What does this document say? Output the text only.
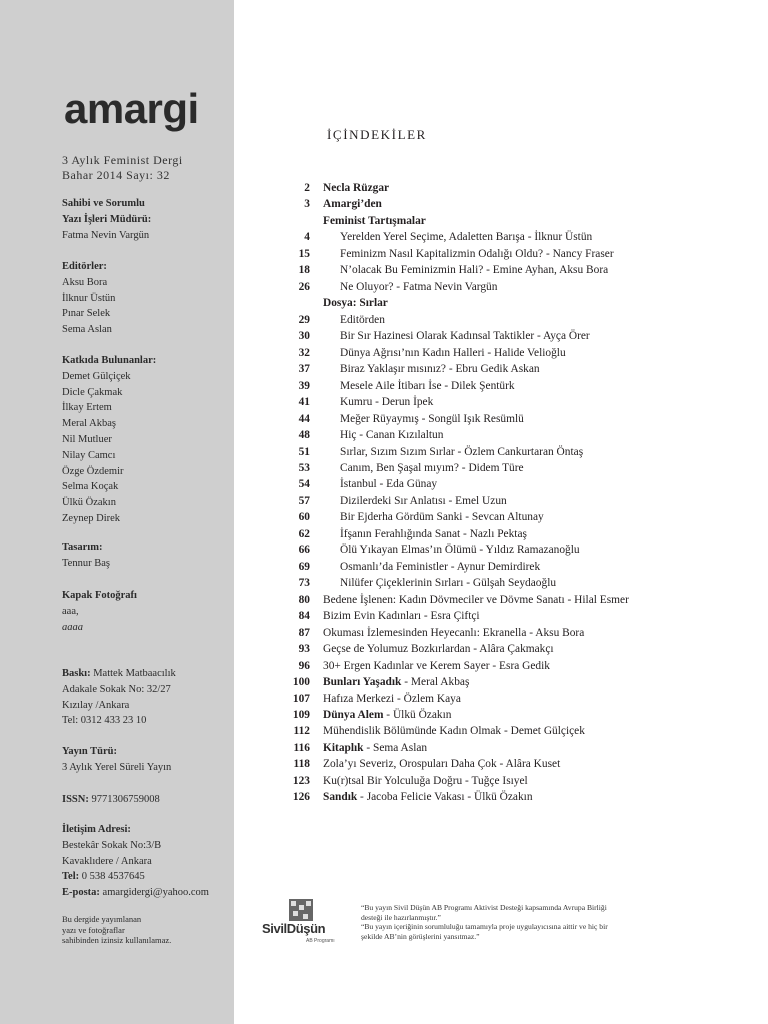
amargi
3 Aylık Feminist Dergi
Bahar 2014 Sayı: 32
Sahibi ve Sorumlu
Yazı İşleri Müdürü:
Fatma Nevin Vargün
Editörler:
Aksu Bora
İlknur Üstün
Pınar Selek
Sema Aslan
Katkıda Bulunanlar:
Demet Gülçiçek
Dicle Çakmak
İlkay Ertem
Meral Akbaş
Nil Mutluer
Nilay Camcı
Özge Özdemir
Selma Koçak
Ülkü Özakın
Zeynep Direk
Tasarım:
Tennur Baş
Kapak Fotoğrafı
aaa,
aaaa
Baskı: Mattek Matbaacılık
Adakale Sokak No: 32/27
Kızılay /Ankara
Tel: 0312 433 23 10
Yayın Türü:
3 Aylık Yerel Süreli Yayın
ISSN: 9771306759008
İletişim Adresi:
Bestekâr Sokak No:3/B
Kavaklıdere / Ankara
Tel: 0 538 4537645
E-posta: amargidergi@yahoo.com
Bu dergide yayımlanan
yazı ve fotoğraflar
sahibinden izinsiz kullanılamaz.
İÇİNDEKİLER
2 Necla Rüzgar
3 Amargi’den
Feminist Tartışmalar
4	Yerelden Yerel Seçime, Adaletten Barışa - İlknur Üstün
15	Feminizm Nasıl Kapitalizmin Odalığı Oldu? - Nancy Fraser
18	N’olacak Bu Feminizmin Hali? - Emine Ayhan, Aksu Bora
26	Ne Oluyor? - Fatma Nevin Vargün
Dosya: Sırlar
29	Editörden
30	Bir Sır Hazinesi Olarak Kadınsal Taktikler - Ayça Örer
32	Dünya Ağrısı’nın Kadın Halleri - Halide Velioğlu
37	Biraz Yaklaşır mısınız? - Ebru Gedik Askan
39	Mesele Aile İtibarı İse - Dilek Şentürk
41	Kumru - Derun İpek
44	Meğer Rüyaymış - Songül Işık Resümlü
48	Hiç - Canan Kızılaltun
51	Sırlar, Sızım Sızım Sırlar - Özlem Cankurtaran Öntaş
53	Canım, Ben Şaşal mıyım? - Didem Türe
54	İstanbul - Eda Günay
57	Dizilerdeki Sır Anlatısı - Emel Uzun
60	Bir Ejderha Gördüm Sanki - Sevcan Altunay
62	İfşanın Ferahlığında Sanat - Nazlı Pektaş
66	Ölü Yıkayan Elmas’ın Ölümü - Yıldız Ramazanoğlu
69	Osmanlı’da Feministler - Aynur Demirdirek
73	Nilüfer Çiçeklerinin Sırları - Gülşah Seydaoğlu
80 Bedene İşlenen: Kadın Dövmeciler ve Dövme Sanatı - Hilal Esmer
84 Bizim Evin Kadınları - Esra Çiftçi
87 Okuması İzlemesinden Heyecanlı: Ekranella - Aksu Bora
93 Geçse de Yolumuz Bozkırlardan - Alâra Çakmakçı
96 30+ Ergen Kadınlar ve Kerem Sayer - Esra Gedik
100 Bunları Yaşadık - Meral Akbaş
107 Hafıza Merkezi - Özlem Kaya
109 Dünya Alem - Ülkü Özakın
112 Mühendislik Bölümünde Kadın Olmak - Demet Gülçiçek
116 Kitaplık - Sema Aslan
118 Zola’yı Severiz, Orospuları Daha Çok - Alâra Kuset
123 Ku(r)tsal Bir Yolculuğa Doğru - Tuğçe Isıyel
126 Sandık - Jacoba Felicie Vakası - Ülkü Özakın
SivilDüşün
AB Programı
“Bu yayın Sivil Düşün AB Programı Aktivist Desteği kapsamında Avrupa Birliği
desteği ile hazırlanmıştır.”
“Bu yayın içeriğinin sorumluluğu tamamıyla proje uygulayıcısına aittir ve hiç bir
şekilde AB’nin görüşlerini yansıtmaz.”
